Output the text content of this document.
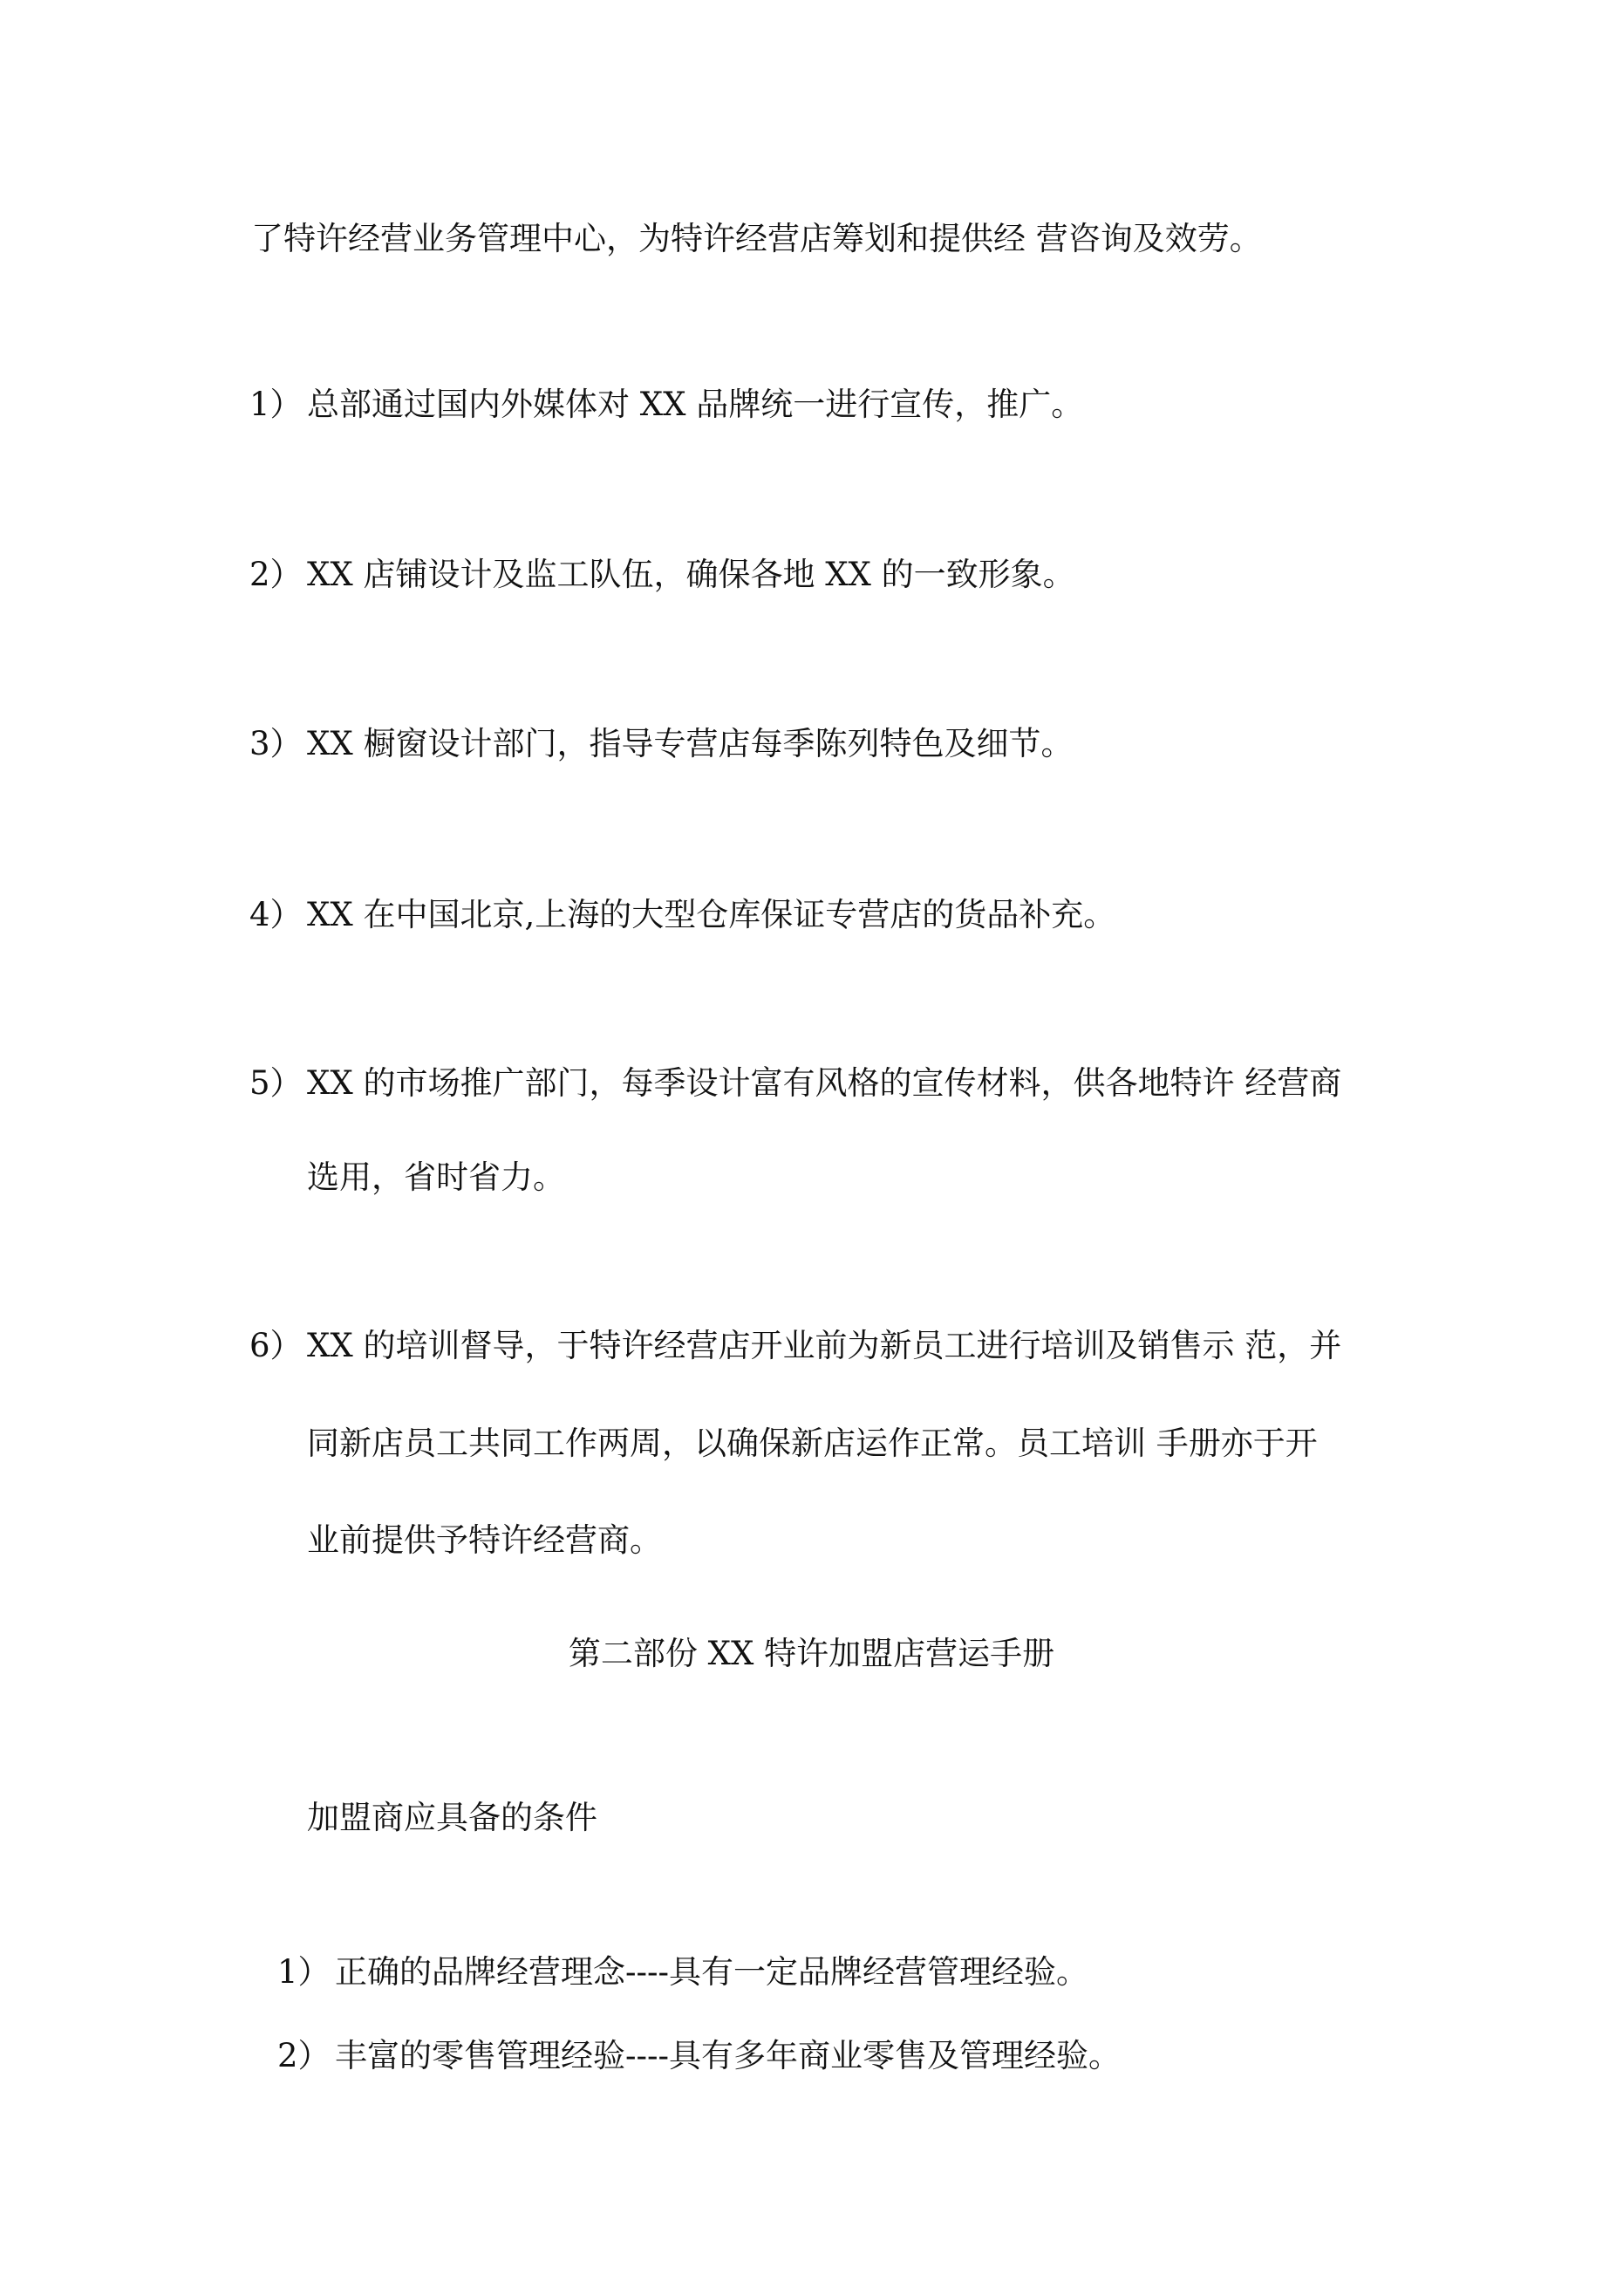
了特许经营业务管理中心，为特许经营店筹划和提供经 营咨询及效劳。
1） 总部通过国内外媒体对 XX 品牌统一进行宣传，推广。
2） XX 店铺设计及监工队伍，确保各地 XX 的一致形象。
3） XX 橱窗设计部门，指导专营店每季陈列特色及细节。
4） XX 在中国北京,上海的大型仓库保证专营店的货品补充。
5） XX 的市场推广部门，每季设计富有风格的宣传材料，供各地特许 经营商
选用，省时省力。
6） XX 的培训督导，于特许经营店开业前为新员工进行培训及销售示 范，并
同新店员工共同工作两周，以确保新店运作正常。员工培训 手册亦于开
业前提供予特许经营商。
第二部份 XX 特许加盟店营运手册
加盟商应具备的条件
1） 正确的品牌经营理念----具有一定品牌经营管理经验。
2） 丰富的零售管理经验----具有多年商业零售及管理经验。
